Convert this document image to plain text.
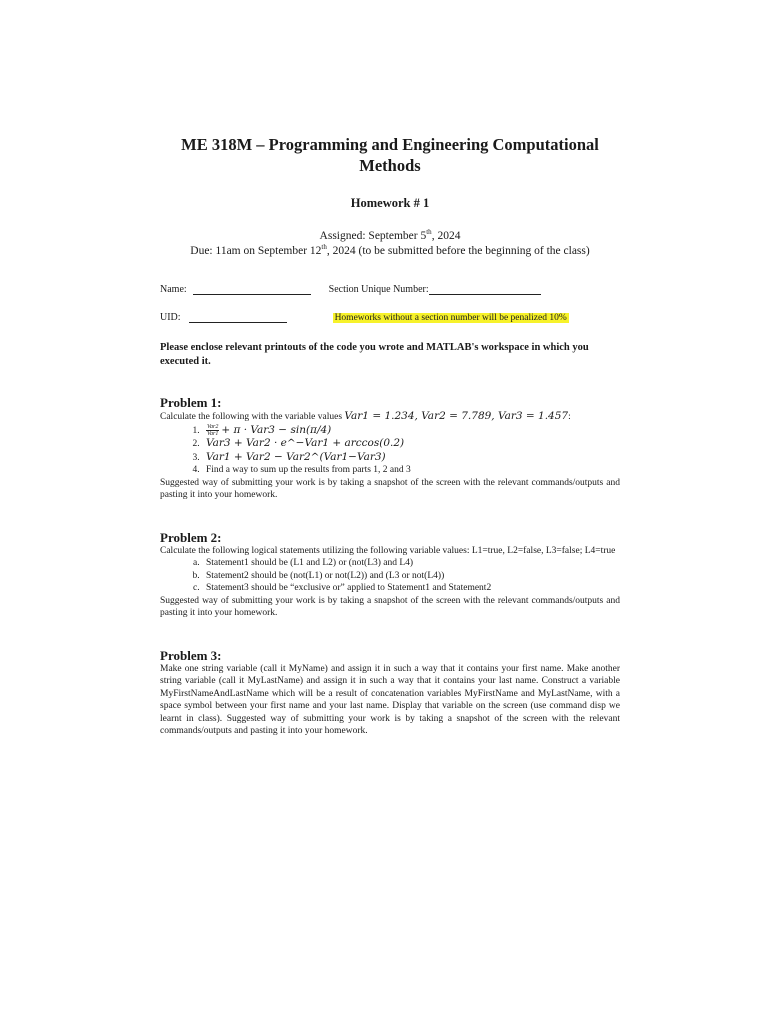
ME 318M – Programming and Engineering Computational
Methods

Homework # 1

Assigned: September 5th, 2024

Due: 11am on September 12th, 2024 (to be submitted before the beginning of the class)

Name:	Section Unique Number:
UID:	Homeworks without a section number will be penalized 10%

Please enclose relevant printouts of the code you wrote and MATLAB's workspace in which you executed it.

Problem 1:

Calculate the following with the variable values Var1 = 1.234, Var2 = 7.789, Var3 = 1.457:

1. $\frac{\text{Var2}}{\text{Var1}} + \pi \cdot Var3 - \sin(\pi/4)$
2. Var3 + Var2 · e^−Var1 + arccos(0.2)
3. Var1 + Var2 − Var2^(Var1−Var3)
4. Find a way to sum up the results from parts 1, 2 and 3

Suggested way of submitting your work is by taking a snapshot of the screen with the relevant commands/outputs and pasting it into your homework.

Problem 2:

Calculate the following logical statements utilizing the following variable values: L1=true, L2=false, L3=false; L4=true

a. Statement1 should be (L1 and L2) or (not(L3) and L4)
b. Statement2 should be (not(L1) or not(L2)) and (L3 or not(L4))
c. Statement3 should be “exclusive or” applied to Statement1 and Statement2

Suggested way of submitting your work is by taking a snapshot of the screen with the relevant commands/outputs and pasting it into your homework.

Problem 3:

Make one string variable (call it MyName) and assign it in such a way that it contains your first name. Make another string variable (call it MyLastName) and assign it in such a way that it contains your last name. Construct a variable MyFirstNameAndLastName which will be a result of concatenation variables MyFirstName and MyLastName, with a space symbol between your first name and your last name. Display that variable on the screen (use command disp we learnt in class). Suggested way of submitting your work is by taking a snapshot of the screen with the relevant commands/outputs and pasting it into your homework.
